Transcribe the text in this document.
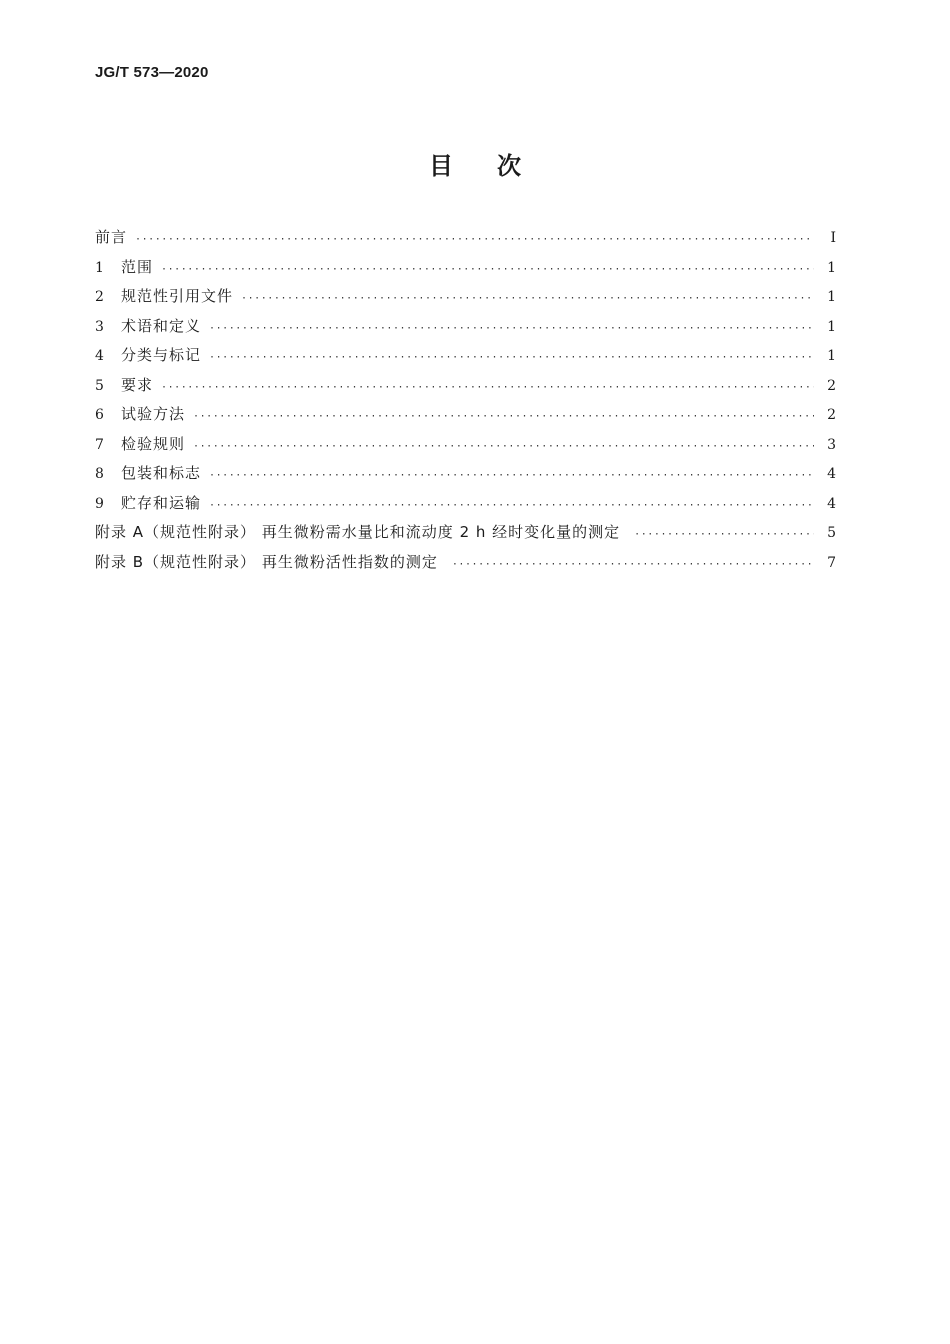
JG/T 573—2020
目次
前言 ·····	I
1	范围 ·····	1
2	规范性引用文件 ·····	1
3	术语和定义 ·····	1
4	分类与标记 ·····	1
5	要求 ·····	2
6	试验方法 ·····	2
7	检验规则 ·····	3
8	包装和标志 ·····	4
9	贮存和运输 ·····	4
附录 A（规范性附录） 再生微粉需水量比和流动度 2 h 经时变化量的测定 ·····	5
附录 B（规范性附录） 再生微粉活性指数的测定 ·····	7
